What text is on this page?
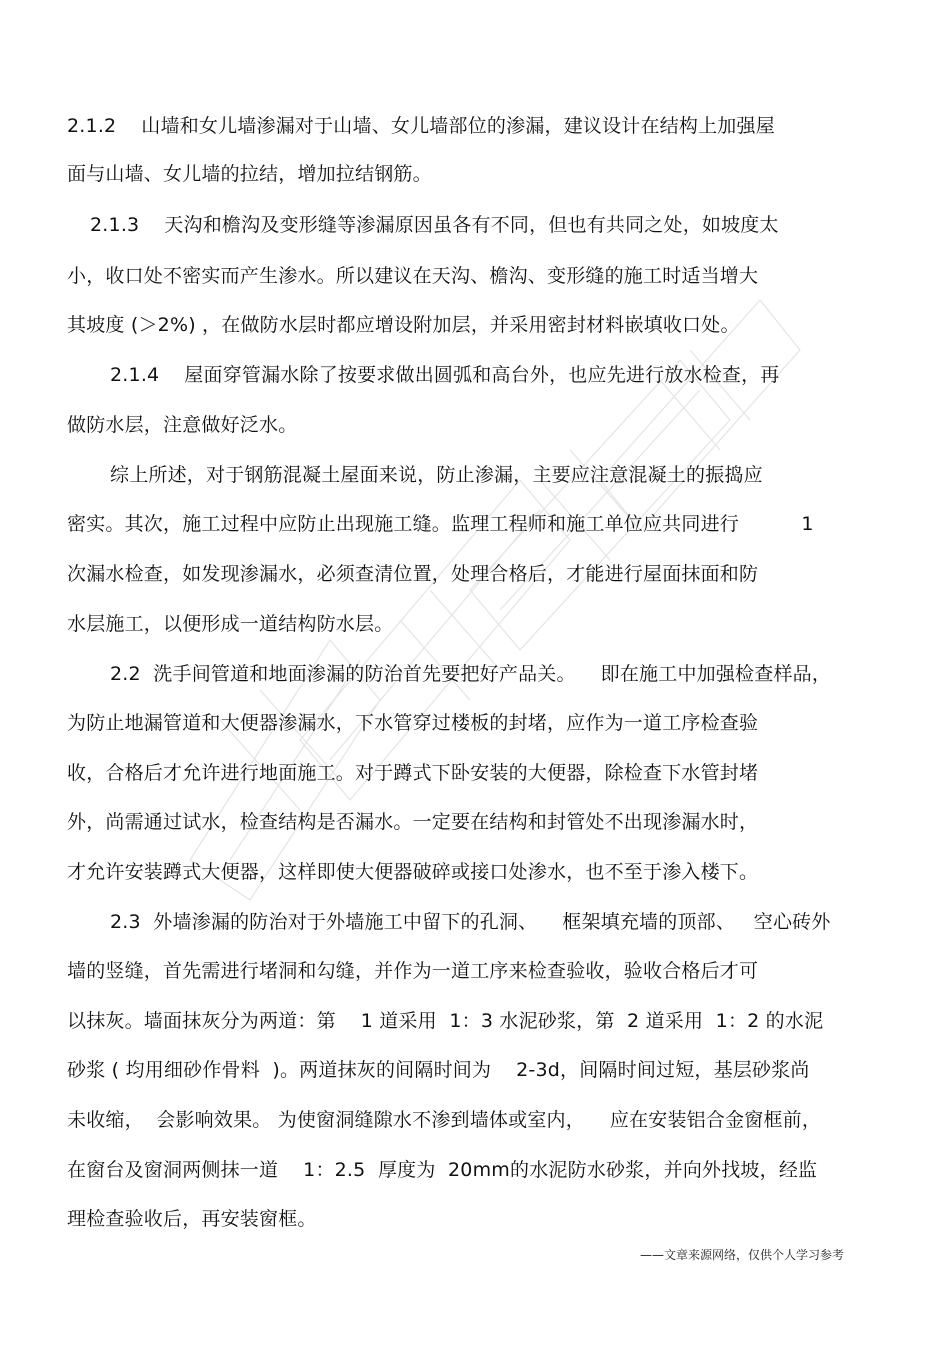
2.1.2    山墙和女儿墙渗漏对于山墙、女儿墙部位的渗漏，建议设计在结构上加强屋
面与山墙、女儿墙的拉结，增加拉结钢筋。
2.1.3    天沟和檐沟及变形缝等渗漏原因虽各有不同，但也有共同之处，如坡度太
小，收口处不密实而产生渗水。所以建议在天沟、檐沟、变形缝的施工时适当增大
其坡度 (＞2%) ，在做防水层时都应增设附加层，并采用密封材料嵌填收口处。
2.1.4    屋面穿管漏水除了按要求做出圆弧和高台外，也应先进行放水检查，再
做防水层，注意做好泛水。
综上所述，对于钢筋混凝土屋面来说，防止渗漏，主要应注意混凝土的振捣应
密实。其次，施工过程中应防止出现施工缝。监理工程师和施工单位应共同进行          1
次漏水检查，如发现渗漏水，必须查清位置，处理合格后，才能进行屋面抹面和防
水层施工，以便形成一道结构防水层。
2.2  洗手间管道和地面渗漏的防治首先要把好产品关。    即在施工中加强检查样品，
为防止地漏管道和大便器渗漏水，下水管穿过楼板的封堵，应作为一道工序检查验
收，合格后才允许进行地面施工。对于蹲式下卧安装的大便器，除检查下水管封堵
外，尚需通过试水，检查结构是否漏水。一定要在结构和封管处不出现渗漏水时，
才允许安装蹲式大便器，这样即使大便器破碎或接口处渗水，也不至于渗入楼下。
2.3  外墙渗漏的防治对于外墙施工中留下的孔洞、    框架填充墙的顶部、   空心砖外
墙的竖缝，首先需进行堵洞和勾缝，并作为一道工序来检查验收，验收合格后才可
以抹灰。墙面抹灰分为两道：第    1 道采用  1：3 水泥砂浆，第  2 道采用  1：2 的水泥
砂浆 ( 均用细砂作骨料  )。两道抹灰的间隔时间为    2-3d，间隔时间过短，基层砂浆尚
未收缩，  会影响效果。 为使窗洞缝隙水不渗到墙体或室内，    应在安装铝合金窗框前，
在窗台及窗洞两侧抹一道    1：2.5  厚度为  20mm的水泥防水砂浆，并向外找坡，经监
理检查验收后，再安装窗框。
——文章来源网络，仅供个人学习参考
